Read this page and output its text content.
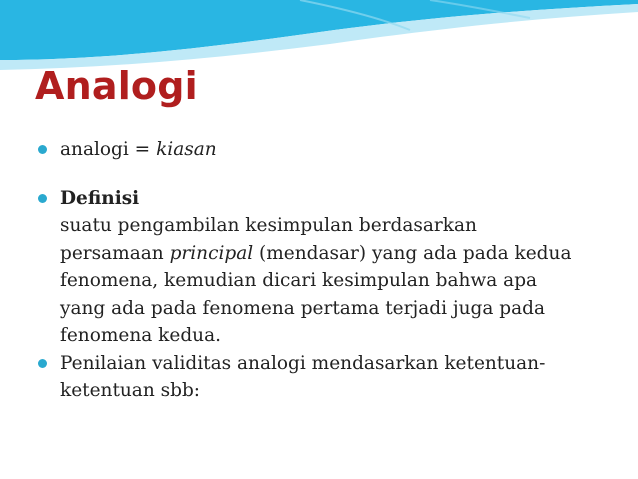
Analogi
analogi = kiasan
Definisi
suatu pengambilan kesimpulan berdasarkan
persamaan principal (mendasar) yang ada pada kedua
fenomena, kemudian dicari kesimpulan bahwa apa
yang ada pada fenomena pertama terjadi juga pada
fenomena kedua.
Penilaian validitas analogi mendasarkan ketentuan-
ketentuan sbb:
